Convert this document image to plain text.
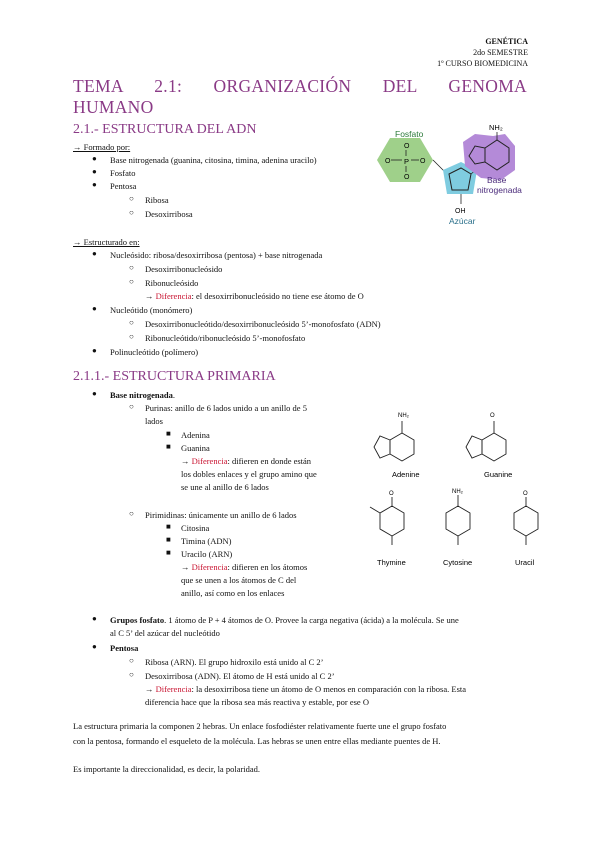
GENÉTICA
2do SEMESTRE
1º CURSO BIOMEDICINA
TEMA 2.1: ORGANIZACIÓN DEL GENOMA
HUMANO
2.1.- ESTRUCTURA DEL ADN
→ Formado por:
● Base nitrogenada (guanina, citosina, timina, adenina uracilo)
● Fosfato
● Pentosa
○ Ribosa
○ Desoxirribosa
→ Estructurado en:
● Nucleósido: ribosa/desoxirribosa (pentosa) + base nitrogenada
○ Desoxirribonucleósido
○ Ribonucleósido
→ Diferencia: el desoxirribonucleósido no tiene ese átomo de O
● Nucleótido (monómero)
○ Desoxirribonucleótido/desoxirribonucleósido 5’-monofosfato (ADN)
○ Ribonucleótido/ribonucleósido 5’-monofosfato
● Polinucleótido (polímero)
Fosfato
O
P
O
O	O
OH
Azúcar
NH₂
Base
nitrogenada
2.1.1.- ESTRUCTURA PRIMARIA
● Base nitrogenada.
○ Purinas: anillo de 6 lados unido a un anillo de 5
lados
■ Adenina
■ Guanina
→ Diferencia: difieren en donde están
los dobles enlaces y el grupo amino que
se une al anillo de 6 lados
NH₂	O
Adenine	Guanine
○ Pirimidinas: únicamente un anillo de 6 lados
■ Citosina
■ Timina (ADN)
■ Uracilo (ARN)
→ Diferencia: difieren en los átomos
que se unen a los átomos de C del
anillo, así como en los enlaces
O	NH₂	O
Thymine	Cytosine	Uracil
● Grupos fosfato. 1 átomo de P + 4 átomos de O. Provee la carga negativa (ácida) a la molécula. Se une
al C 5’ del azúcar del nucleótido
● Pentosa
○ Ribosa (ARN). El grupo hidroxilo está unido al C 2’
○ Desoxirribosa (ADN). El átomo de H está unido al C 2’
→ Diferencia: la desoxirribosa tiene un átomo de O menos en comparación con la ribosa. Esta
diferencia hace que la ribosa sea más reactiva y estable, por ese O
La estructura primaria la componen 2 hebras. Un enlace fosfodiéster relativamente fuerte une el grupo fosfato
con la pentosa, formando el esqueleto de la molécula. Las hebras se unen entre ellas mediante puentes de H.
Es importante la direccionalidad, es decir, la polaridad.
